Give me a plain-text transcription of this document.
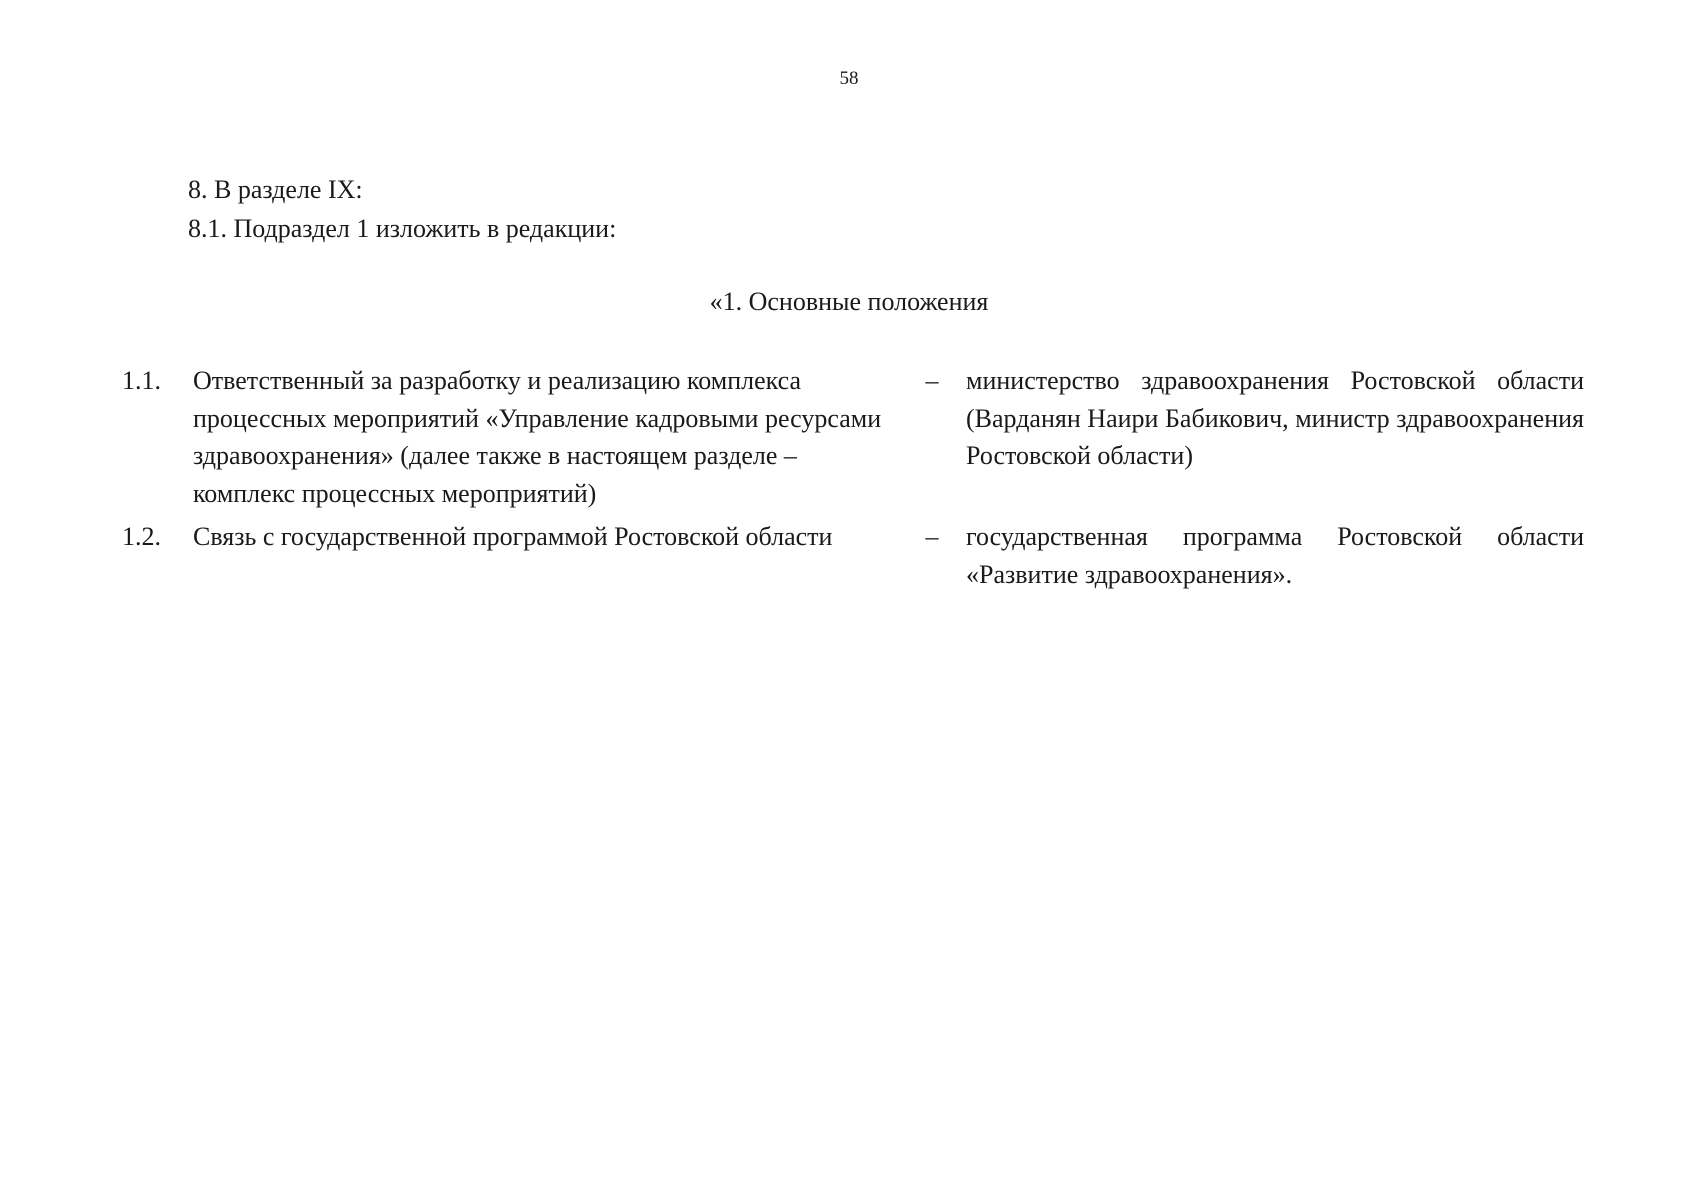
58
8. В разделе IX:
8.1. Подраздел 1 изложить в редакции:
«1. Основные положения
1.1. Ответственный за разработку и реализацию комплекса процессных мероприятий «Управление кадровыми ресурсами здравоохранения» (далее также в настоящем разделе – комплекс процессных мероприятий)
– министерство здравоохранения Ростовской области (Варданян Наири Бабикович, министр здравоохранения Ростовской области)
1.2. Связь с государственной программой Ростовской области	– государственная программа Ростовской области «Развитие здравоохранения».
